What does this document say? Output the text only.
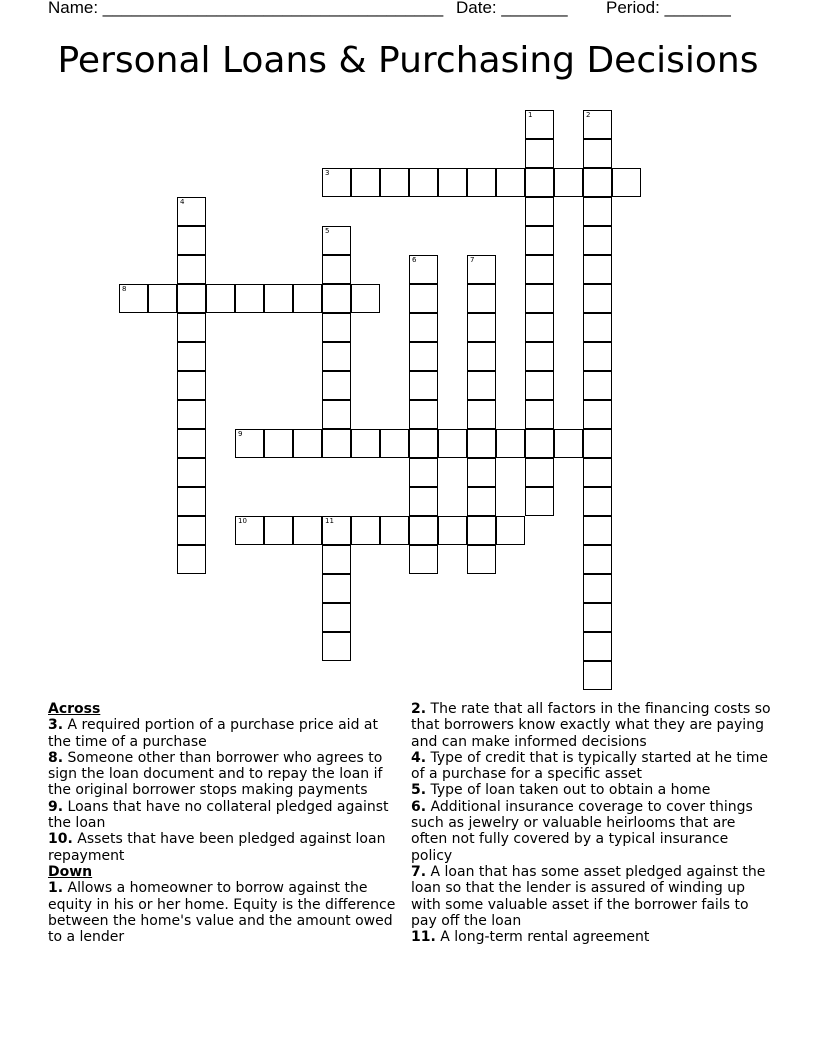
Name: ____________________________________ Date: _______ Period: _______
Personal Loans & Purchasing Decisions
3
8
9
10	11
1	2
4
5
6	7
Across
3. A required portion of a purchase price aid at the time of a purchase
8. Someone other than borrower who agrees to sign the loan document and to repay the loan if the original borrower stops making payments
9. Loans that have no collateral pledged against the loan
10. Assets that have been pledged against loan repayment
Down
1. Allows a homeowner to borrow against the equity in his or her home. Equity is the difference between the home's value and the amount owed to a lender
2. The rate that all factors in the financing costs so that borrowers know exactly what they are paying and can make informed decisions
4. Type of credit that is typically started at he time of a purchase for a specific asset
5. Type of loan taken out to obtain a home
6. Additional insurance coverage to cover things such as jewelry or valuable heirlooms that are often not fully covered by a typical insurance policy
7. A loan that has some asset pledged against the loan so that the lender is assured of winding up with some valuable asset if the borrower fails to pay off the loan
11. A long-term rental agreement
